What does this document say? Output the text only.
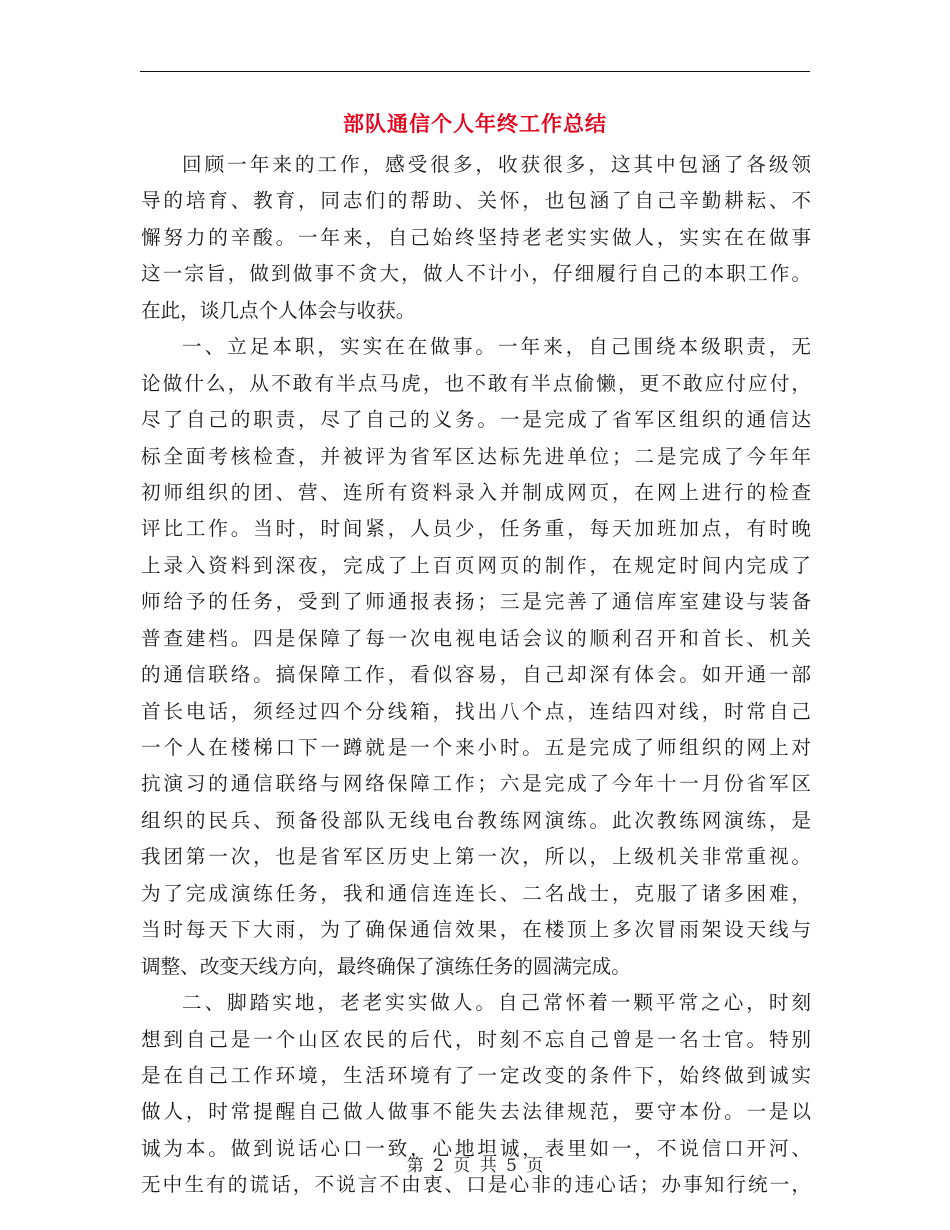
部队通信个人年终工作总结
回顾一年来的工作，感受很多，收获很多，这其中包涵了各级领
导的培育、教育，同志们的帮助、关怀，也包涵了自己辛勤耕耘、不
懈努力的辛酸。一年来，自己始终坚持老老实实做人，实实在在做事
这一宗旨，做到做事不贪大，做人不计小，仔细履行自己的本职工作。
在此，谈几点个人体会与收获。
一、立足本职，实实在在做事。一年来，自己围绕本级职责，无
论做什么，从不敢有半点马虎，也不敢有半点偷懒，更不敢应付应付，
尽了自己的职责，尽了自己的义务。一是完成了省军区组织的通信达
标全面考核检查，并被评为省军区达标先进单位；二是完成了今年年
初师组织的团、营、连所有资料录入并制成网页，在网上进行的检查
评比工作。当时，时间紧，人员少，任务重，每天加班加点，有时晚
上录入资料到深夜，完成了上百页网页的制作，在规定时间内完成了
师给予的任务，受到了师通报表扬；三是完善了通信库室建设与装备
普查建档。四是保障了每一次电视电话会议的顺利召开和首长、机关
的通信联络。搞保障工作，看似容易，自己却深有体会。如开通一部
首长电话，须经过四个分线箱，找出八个点，连结四对线，时常自己
一个人在楼梯口下一蹲就是一个来小时。五是完成了师组织的网上对
抗演习的通信联络与网络保障工作；六是完成了今年十一月份省军区
组织的民兵、预备役部队无线电台教练网演练。此次教练网演练，是
我团第一次，也是省军区历史上第一次，所以，上级机关非常重视。
为了完成演练任务，我和通信连连长、二名战士，克服了诸多困难，
当时每天下大雨，为了确保通信效果，在楼顶上多次冒雨架设天线与
调整、改变天线方向，最终确保了演练任务的圆满完成。
二、脚踏实地，老老实实做人。自己常怀着一颗平常之心，时刻
想到自己是一个山区农民的后代，时刻不忘自己曾是一名士官。特别
是在自己工作环境，生活环境有了一定改变的条件下，始终做到诚实
做人，时常提醒自己做人做事不能失去法律规范，要守本份。一是以
诚为本。做到说话心口一致，心地坦诚，表里如一，不说信口开河、
无中生有的谎话，不说言不由衷、口是心非的违心话；办事知行统一，
第 2 页 共 5 页
